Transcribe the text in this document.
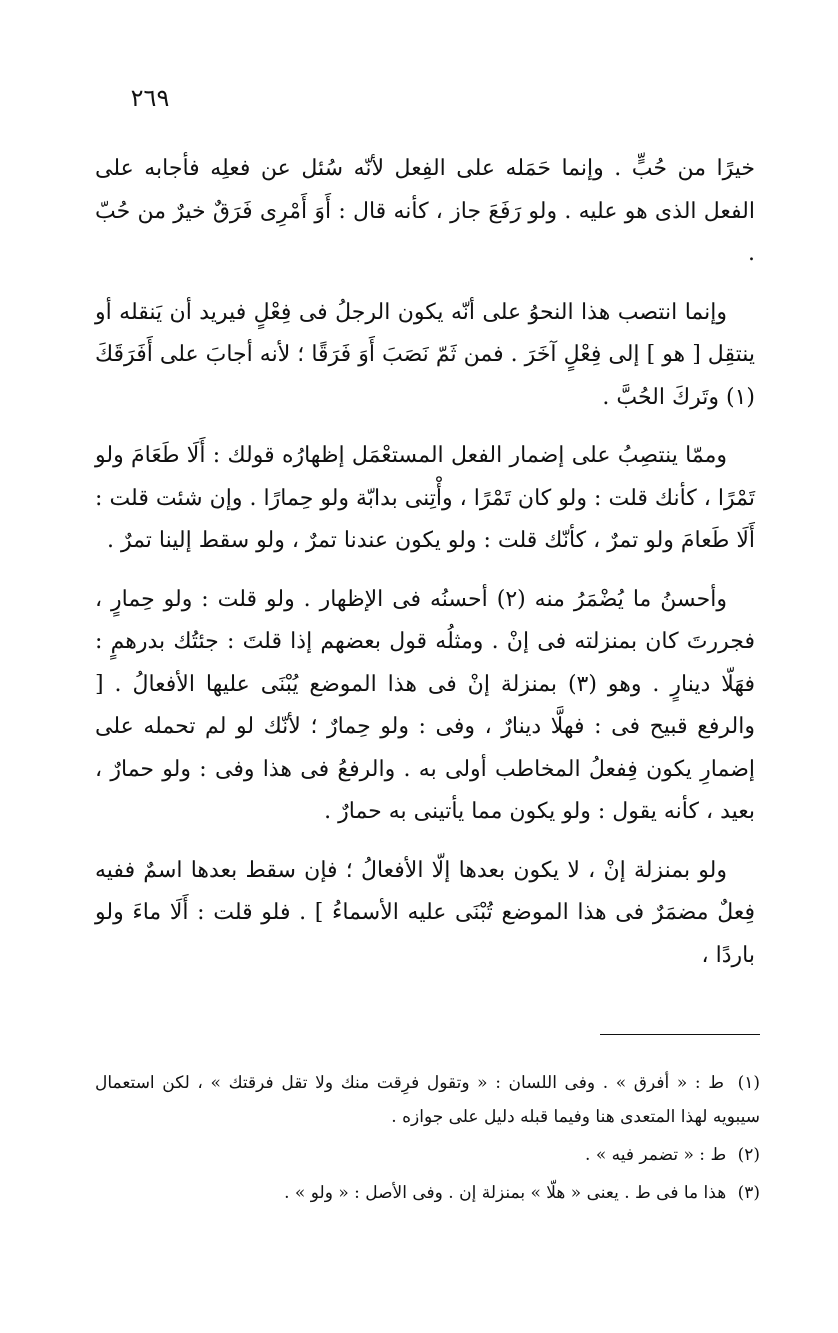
٢٦٩

خيرًا من حُبٍّ . وإنما حَمَله على الفِعل لأنّه سُئل عن فعلِه فأجابه على الفعل الذى هو عليه . ولو رَفَعَ جاز ، كأنه قال : أَوَ أَمْرِى فَرَقٌ خيرٌ من حُبّ .

وإنما انتصب هذا النحوُ على أنّه يكون الرجلُ فى فِعْلٍ فيريد أن يَنقله أو ينتقِل [ هو ] إلى فِعْلٍ آخَرَ . فمن ثَمّ نَصَبَ أَوَ فَرَقًا ؛ لأنه أجابَ على أَفَرَقَكَ (١) وتَركَ الحُبَّ .

وممّا ينتصِبُ على إضمار الفعل المستعْمَل إظهارُه قولك : أَلَا طَعَامَ ولو تَمْرًا ، كأنك قلت : ولو كان تَمْرًا ، وأْتِنى بدابّة ولو حِمارًا . وإن شئت قلت : أَلَا طَعامَ ولو تمرٌ ، كأنّك قلت : ولو يكون عندنا تمرٌ ، ولو سقط إلينا تمرٌ .

وأحسنُ ما يُضْمَرُ منه (٢) أحسنُه فى الإظهار . ولو قلت : ولو حِمارٍ ، فجررتَ كان بمنزلته فى إنْ . ومثلُه قول بعضهم إذا قلتَ : جئتُك بدرهمٍ : فهَلّا دينارٍ . وهو (٣) بمنزلة إنْ فى هذا الموضع يُبْنَى عليها الأفعالُ . [ والرفع قبيح فى : فهلَّا دينارٌ ، وفى : ولو حِمارٌ ؛ لأنّك لو لم تحمله على إضمارِ يكون فِفعلُ المخاطب أولى به . والرفعُ فى هذا وفى : ولو حمارٌ ، بعيد ، كأنه يقول : ولو يكون مما يأتينى به حمارٌ .

ولو بمنزلة إنْ ، لا يكون بعدها إلّا الأفعالُ ؛ فإن سقط بعدها اسمٌ ففيه فِعلٌ مضمَرٌ فى هذا الموضع تُبْنَى عليه الأسماءُ ] . فلو قلت : أَلَا ماءَ ولو باردًا ،

(١) ط : « أفرق » . وفى اللسان : « وتقول فرِقت منك ولا تقل فرقتك » ، لكن استعمال سيبويه لهذا المتعدى هنا وفيما قبله دليل على جوازه .
(٢) ط : « تضمر فيه » .
(٣) هذا ما فى ط . يعنى « هلّا » بمنزلة إن . وفى الأصل : « ولو » .
